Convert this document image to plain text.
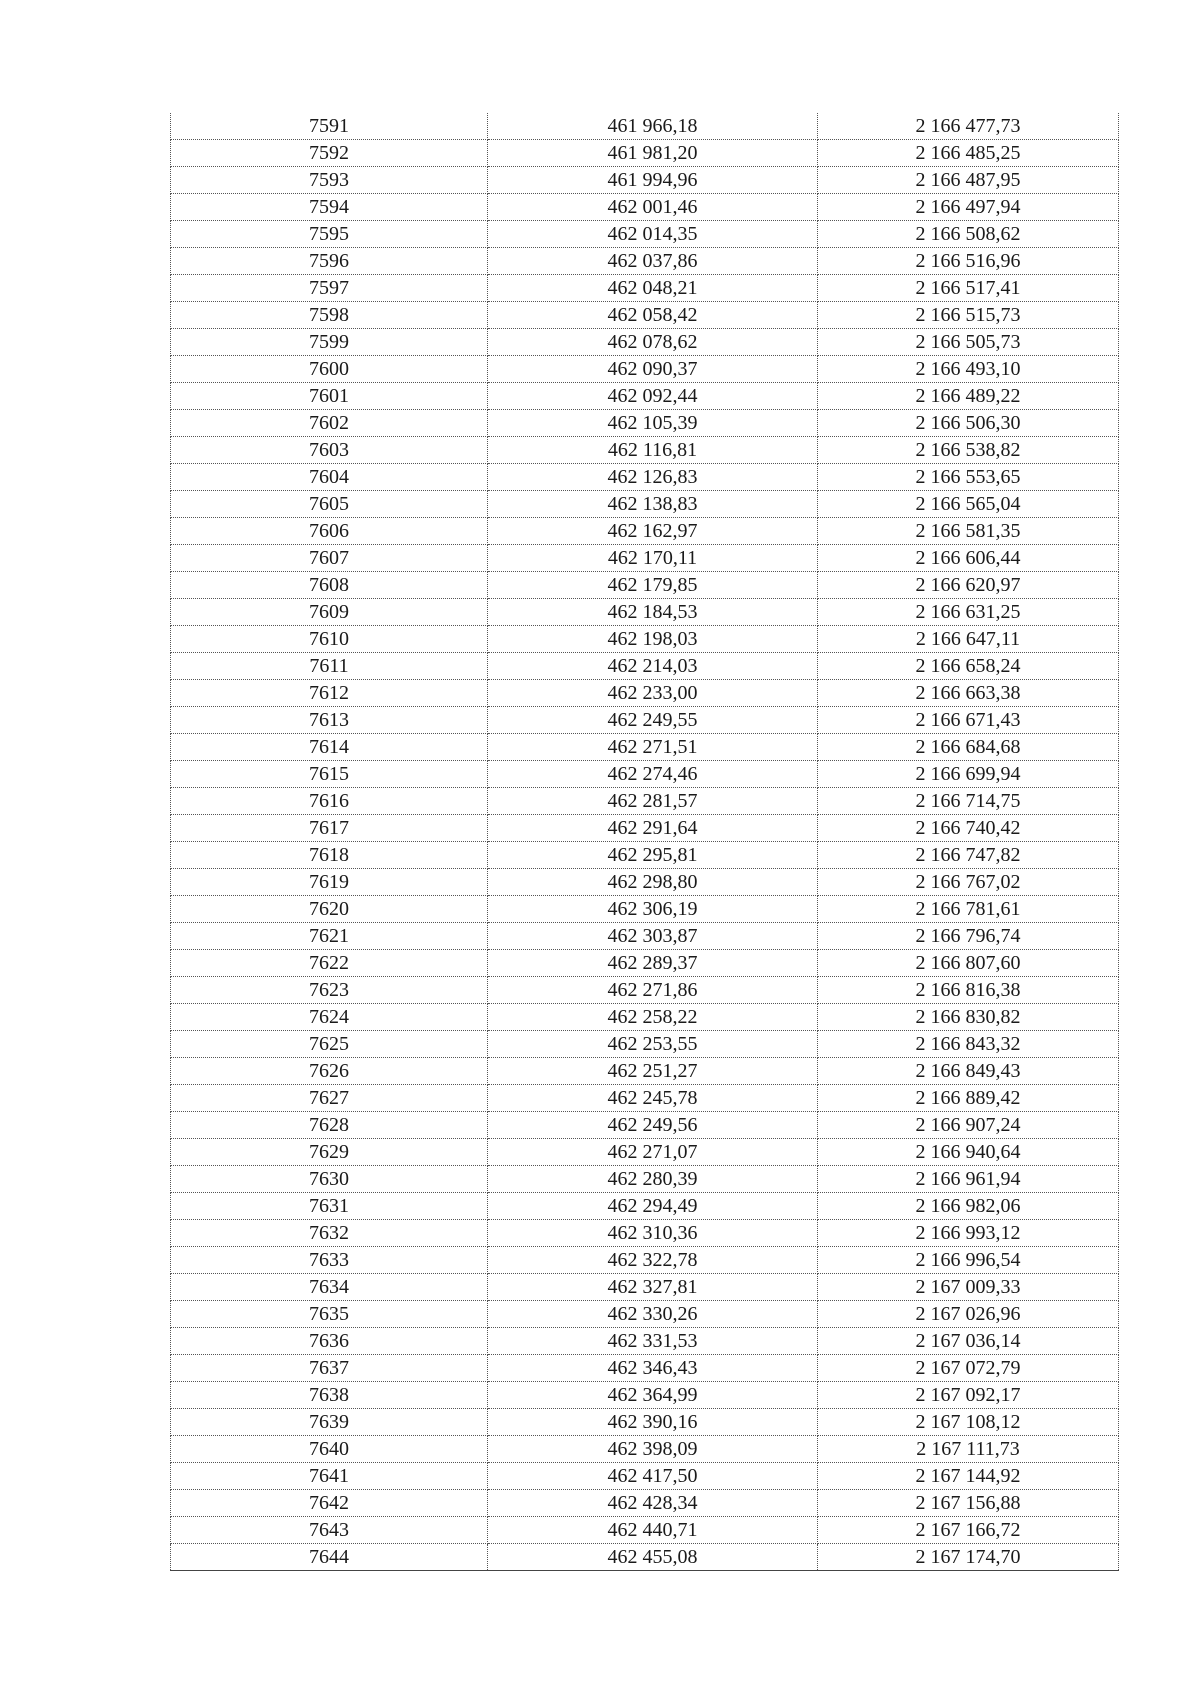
7591	461 966,18	2 166 477,73
7592	461 981,20	2 166 485,25
7593	461 994,96	2 166 487,95
7594	462 001,46	2 166 497,94
7595	462 014,35	2 166 508,62
7596	462 037,86	2 166 516,96
7597	462 048,21	2 166 517,41
7598	462 058,42	2 166 515,73
7599	462 078,62	2 166 505,73
7600	462 090,37	2 166 493,10
7601	462 092,44	2 166 489,22
7602	462 105,39	2 166 506,30
7603	462 116,81	2 166 538,82
7604	462 126,83	2 166 553,65
7605	462 138,83	2 166 565,04
7606	462 162,97	2 166 581,35
7607	462 170,11	2 166 606,44
7608	462 179,85	2 166 620,97
7609	462 184,53	2 166 631,25
7610	462 198,03	2 166 647,11
7611	462 214,03	2 166 658,24
7612	462 233,00	2 166 663,38
7613	462 249,55	2 166 671,43
7614	462 271,51	2 166 684,68
7615	462 274,46	2 166 699,94
7616	462 281,57	2 166 714,75
7617	462 291,64	2 166 740,42
7618	462 295,81	2 166 747,82
7619	462 298,80	2 166 767,02
7620	462 306,19	2 166 781,61
7621	462 303,87	2 166 796,74
7622	462 289,37	2 166 807,60
7623	462 271,86	2 166 816,38
7624	462 258,22	2 166 830,82
7625	462 253,55	2 166 843,32
7626	462 251,27	2 166 849,43
7627	462 245,78	2 166 889,42
7628	462 249,56	2 166 907,24
7629	462 271,07	2 166 940,64
7630	462 280,39	2 166 961,94
7631	462 294,49	2 166 982,06
7632	462 310,36	2 166 993,12
7633	462 322,78	2 166 996,54
7634	462 327,81	2 167 009,33
7635	462 330,26	2 167 026,96
7636	462 331,53	2 167 036,14
7637	462 346,43	2 167 072,79
7638	462 364,99	2 167 092,17
7639	462 390,16	2 167 108,12
7640	462 398,09	2 167 111,73
7641	462 417,50	2 167 144,92
7642	462 428,34	2 167 156,88
7643	462 440,71	2 167 166,72
7644	462 455,08	2 167 174,70
